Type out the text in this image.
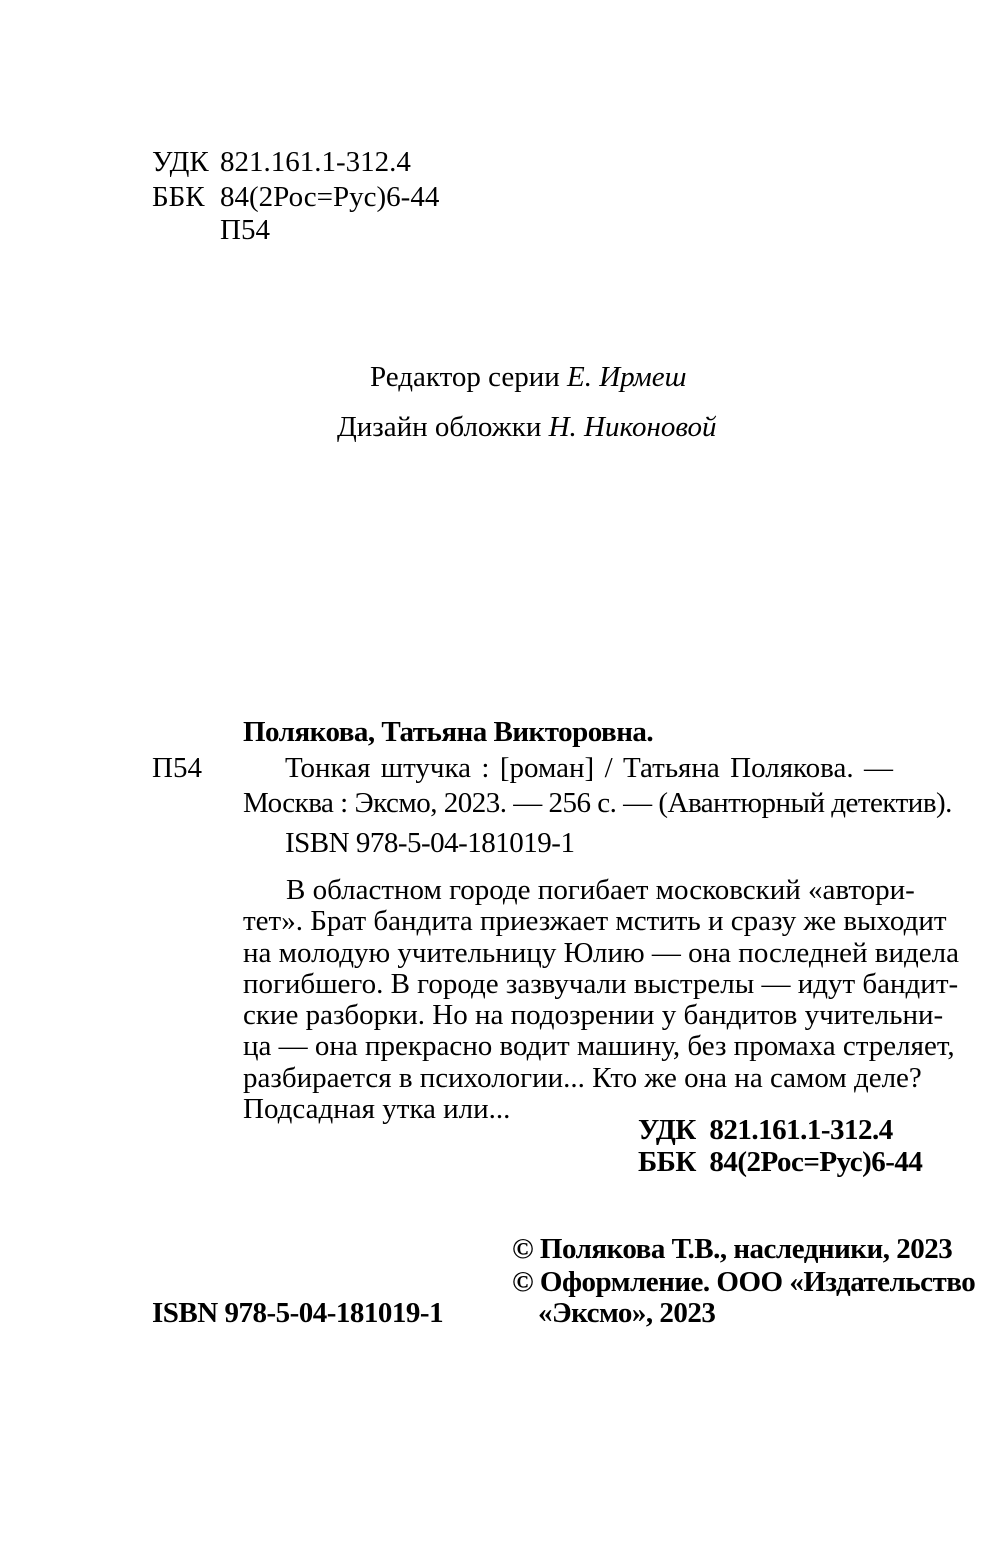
УДК 821.161.1-312.4
ББК 84(2Рос=Рус)6-44
П54
Редактор серии Е. Ирмеш
Дизайн обложки Н. Никоновой
Полякова, Татьяна Викторовна.
П54	Тонкая штучка : [роман] / Татьяна Полякова. —
Москва : Эксмо, 2023. — 256 с. — (Авантюрный детектив).
ISBN 978-5-04-181019-1
В областном городе погибает московский «автори-
тет». Брат бандита приезжает мстить и сразу же выходит
на молодую учительницу Юлию — она последней видела
погибшего. В городе зазвучали выстрелы — идут бандит-
ские разборки. Но на подозрении у бандитов учительни-
ца — она прекрасно водит машину, без промаха стреляет,
разбирается в психологии... Кто же она на самом деле?
Подсадная утка или...
УДК 821.161.1-312.4
ББК 84(2Рос=Рус)6-44
© Полякова Т.В., наследники, 2023
© Оформление. ООО «Издательство
«Эксмо», 2023
ISBN 978-5-04-181019-1
